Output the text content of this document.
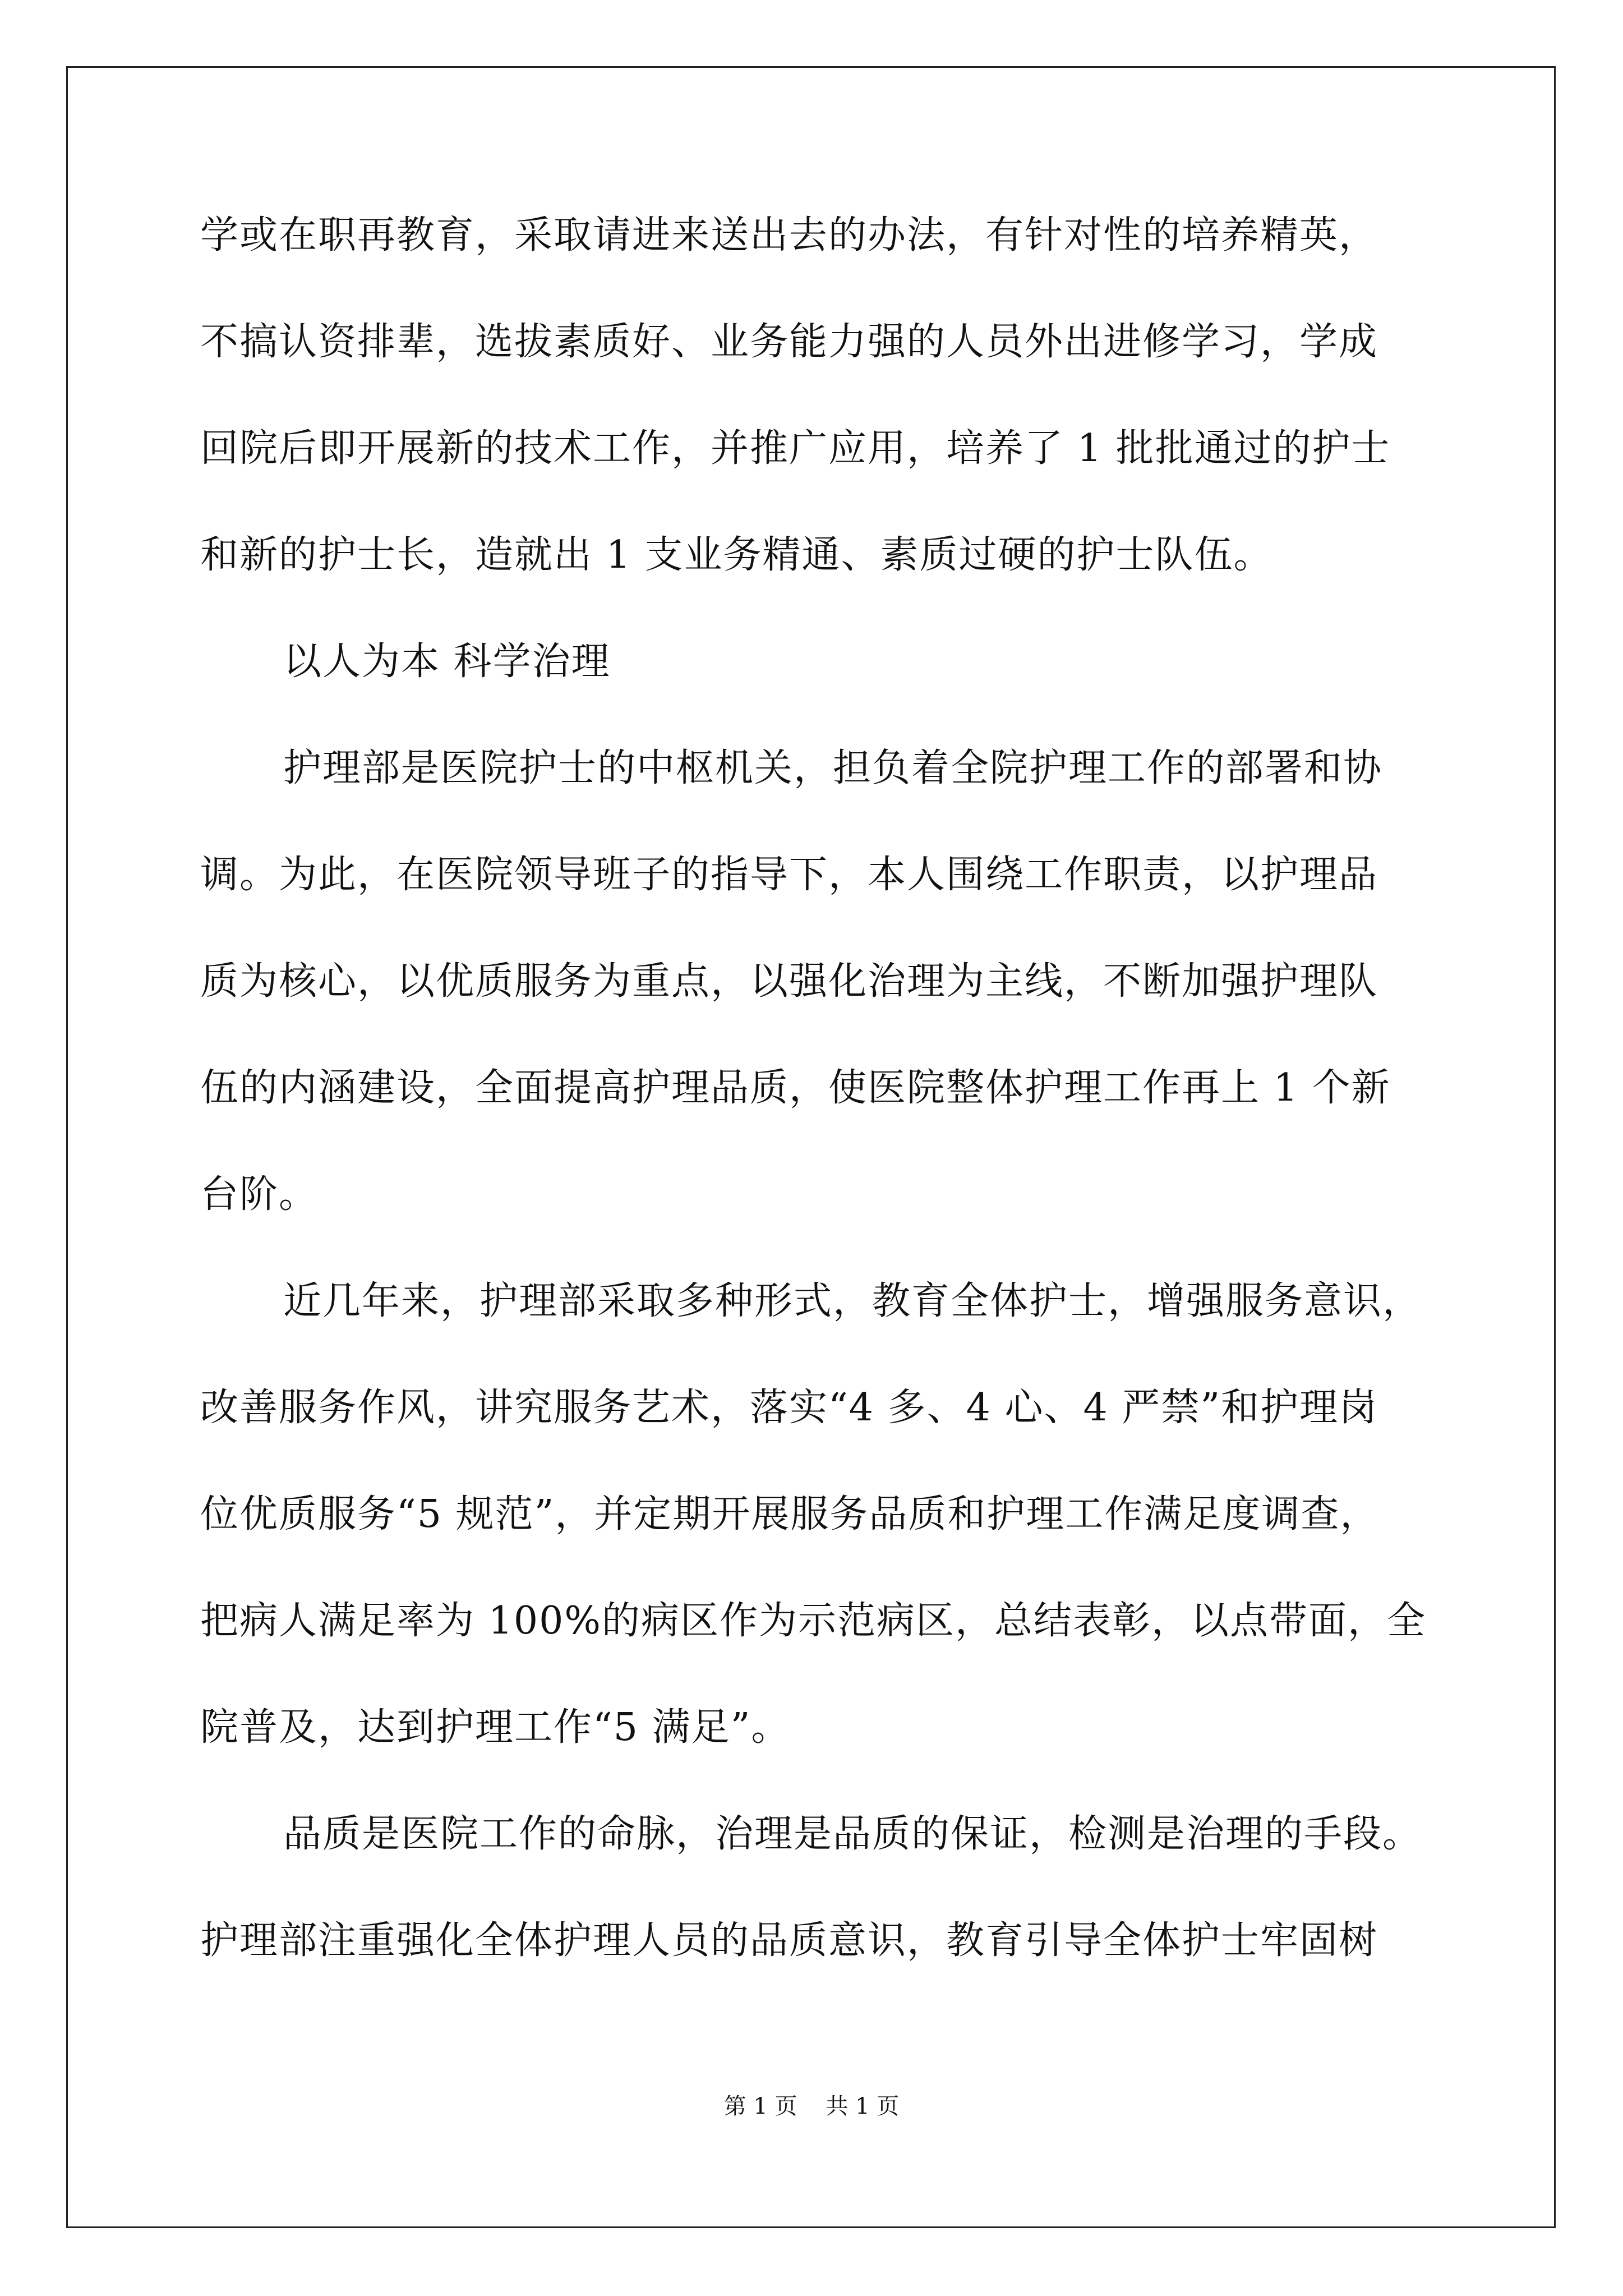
学或在职再教育，采取请进来送出去的办法，有针对性的培养精英，
不搞认资排辈，选拔素质好、业务能力强的人员外出进修学习，学成
回院后即开展新的技术工作，并推广应用，培养了 1 批批通过的护士
和新的护士长，造就出 1 支业务精通、素质过硬的护士队伍。
以人为本 科学治理
护理部是医院护士的中枢机关，担负着全院护理工作的部署和协
调。为此，在医院领导班子的指导下，本人围绕工作职责，以护理品
质为核心，以优质服务为重点，以强化治理为主线，不断加强护理队
伍的内涵建设，全面提高护理品质，使医院整体护理工作再上 1 个新
台阶。
近几年来，护理部采取多种形式，教育全体护士，增强服务意识，
改善服务作风，讲究服务艺术，落实“4 多、4 心、4 严禁”和护理岗
位优质服务“5 规范”，并定期开展服务品质和护理工作满足度调查，
把病人满足率为 100%的病区作为示范病区，总结表彰，以点带面，全
院普及，达到护理工作“5 满足”。
品质是医院工作的命脉，治理是品质的保证，检测是治理的手段。
护理部注重强化全体护理人员的品质意识，教育引导全体护士牢固树
第 1 页    共 1 页
